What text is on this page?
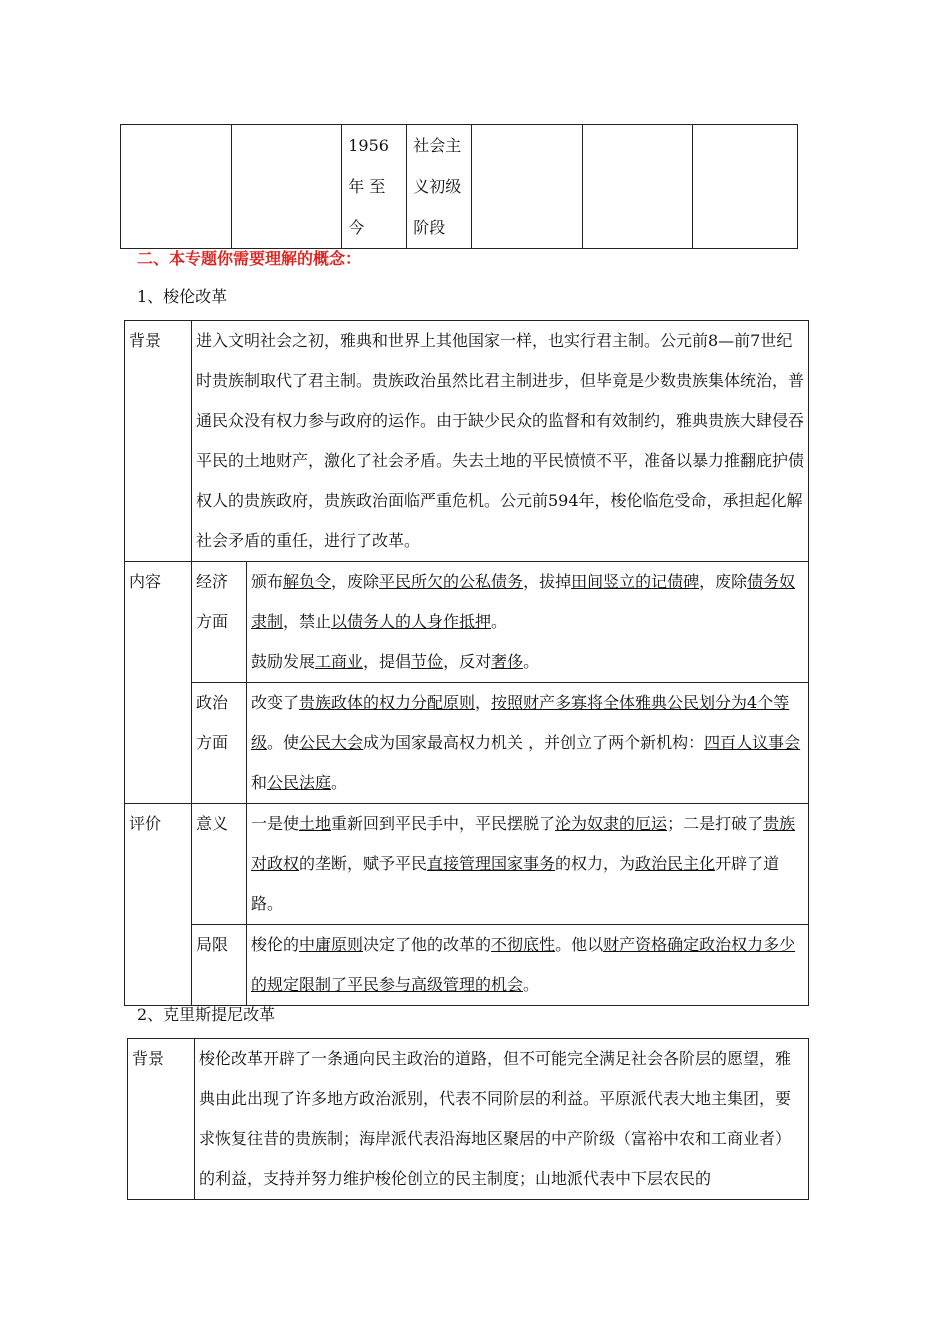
		1956年 至今	社会主义初级阶段			
二、本专题你需要理解的概念：
1、梭伦改革
背景	进入文明社会之初，雅典和世界上其他国家一样，也实行君主制。公元前8—前7世纪时贵族制取代了君主制。贵族政治虽然比君主制进步，但毕竟是少数贵族集体统治，普通民众没有权力参与政府的运作。由于缺少民众的监督和有效制约，雅典贵族大肆侵吞平民的土地财产，激化了社会矛盾。失去土地的平民愤愤不平，准备以暴力推翻庇护债权人的贵族政府，贵族政治面临严重危机。公元前594年，梭伦临危受命，承担起化解社会矛盾的重任，进行了改革。	
内容	经济方面	颁布解负令，废除平民所欠的公私债务，拔掉田间竖立的记债碑，废除债务奴隶制，禁止以债务人的人身作抵押。
鼓励发展工商业，提倡节俭，反对奢侈。
	政治方面	改变了贵族政体的权力分配原则，按照财产多寡将全体雅典公民划分为4个等级。使公民大会成为国家最高权力机关 ，并创立了两个新机构：四百人议事会和公民法庭。
评价	意义	一是使土地重新回到平民手中，平民摆脱了沦为奴隶的厄运；二是打破了贵族对政权的垄断，赋予平民直接管理国家事务的权力，为政治民主化开辟了道路。
	局限	梭伦的中庸原则决定了他的改革的不彻底性。他以财产资格确定政治权力多少的规定限制了平民参与高级管理的机会。
2、克里斯提尼改革
背景	梭伦改革开辟了一条通向民主政治的道路，但不可能完全满足社会各阶层的愿望，雅典由此出现了许多地方政治派别，代表不同阶层的利益。平原派代表大地主集团，要求恢复往昔的贵族制；海岸派代表沿海地区聚居的中产阶级（富裕中农和工商业者）的利益，支持并努力维护梭伦创立的民主制度；山地派代表中下层农民的
